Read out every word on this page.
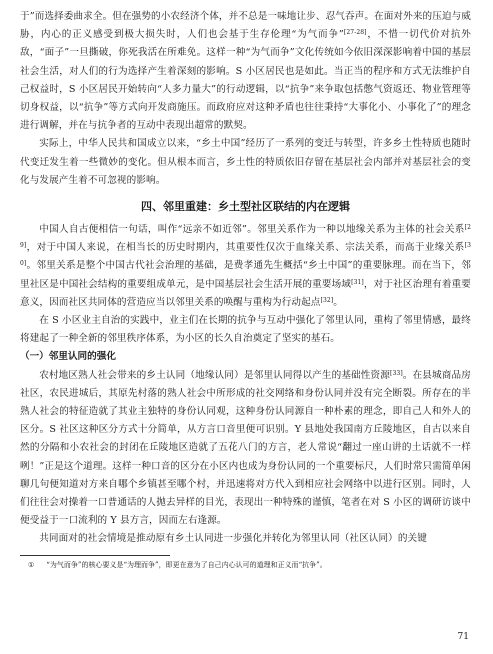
于”而选择委曲求全。但在强势的小农经济个体，并不总是一味地让步、忍气吞声。在面对外来的压迫与威胁，内心的正义感受到极大损失时，人们也会基于生存伦理“为气而争”[27-28]，不惜一切代价对抗外敌，“面子”一旦撕破，你死我活在所难免。这样一种“为气而争”文化传统如今依旧深深影响着中国的基层社会生活，对人们的行为选择产生着深刻的影响。S 小区居民也是如此。当正当的程序和方式无法维护自己权益时，S 小区居民开始转向“人多力量大”的行动逻辑，以“抗争”来争取包括憋气资返还、物业管理等切身权益，以“抗争”等方式向开发商施压。而政府应对这种矛盾也往往秉持“大事化小、小事化了”的理念进行调解，并在与抗争者的互动中表现出超常的默契。

实际上，中华人民共和国成立以来，“乡土中国”经历了一系列的变迁与转型，许多乡土性特质也随时代变迁发生着一些微妙的变化。但从根本而言，乡土性的特质依旧存留在基层社会内部并对基层社会的变化与发展产生着不可忽视的影响。

四、邻里重建：乡土型社区联结的内在逻辑

中国人自古便相信一句话，叫作“远亲不如近邻”。邻里关系作为一种以地缘关系为主体的社会关系[29]，对于中国人来说，在相当长的历史时期内，其重要性仅次于血缘关系、宗法关系，而高于业缘关系[30]。邻里关系是整个中国古代社会治理的基础，是费孝通先生概括“乡土中国”的重要脉理。而在当下，邻里社区是中国社会结构的重要组成单元，是中国基层社会生活开展的重要场域[31]，对于社区治理有着重要意义，因而社区共同体的营造应当以邻里关系的唤醒与重构为行动起点[32]。

在 S 小区业主自治的实践中，业主们在长期的抗争与互动中强化了邻里认同，重构了邻里情感，最终将建起了一种全新的邻里秩序体系，为小区的长久自治奠定了坚实的基石。

（一）邻里认同的强化

农村地区熟人社会带来的乡土认同（地缘认同）是邻里认同得以产生的基础性资源[33]。在县城商品房社区，农民进城后，其原先村落的熟人社会中所形成的社交网络和身份认同并没有完全断裂。所存在的半熟人社会的特征造就了其业主独特的身份认同观，这种身份认同源自一种朴素的理念，即自己人和外人的区分。S 社区这种区分方式十分简单，从方言口音里便可识别。Y 县地处我国南方丘陵地区，自古以来自然的分隔和小农社会的封闭在丘陵地区造就了五花八门的方言，老人常说“翻过一座山讲的土话就不一样咧！”正是这个道理。这样一种口音的区分在小区内也成为身份认同的一个重要标尺，人们时常只需简单闲聊几句便知道对方来自哪个乡镇甚至哪个村，并迅速将对方代入到相应社会网络中以进行区别。同时，人们往往会对操着一口普通话的人抛去异样的目光，表现出一种特殊的谨慎，笔者在对 S 小区的调研访谈中便受益于一口流利的 Y 县方言，因而左右逢源。

共同面对的社会情境是推动原有乡土认同进一步强化并转化为邻里认同（社区认同）的关键

① “为气而争”的核心要义是“为理而争”，即更在意为了自己内心认可的道理和正义而“抗争”。

71
